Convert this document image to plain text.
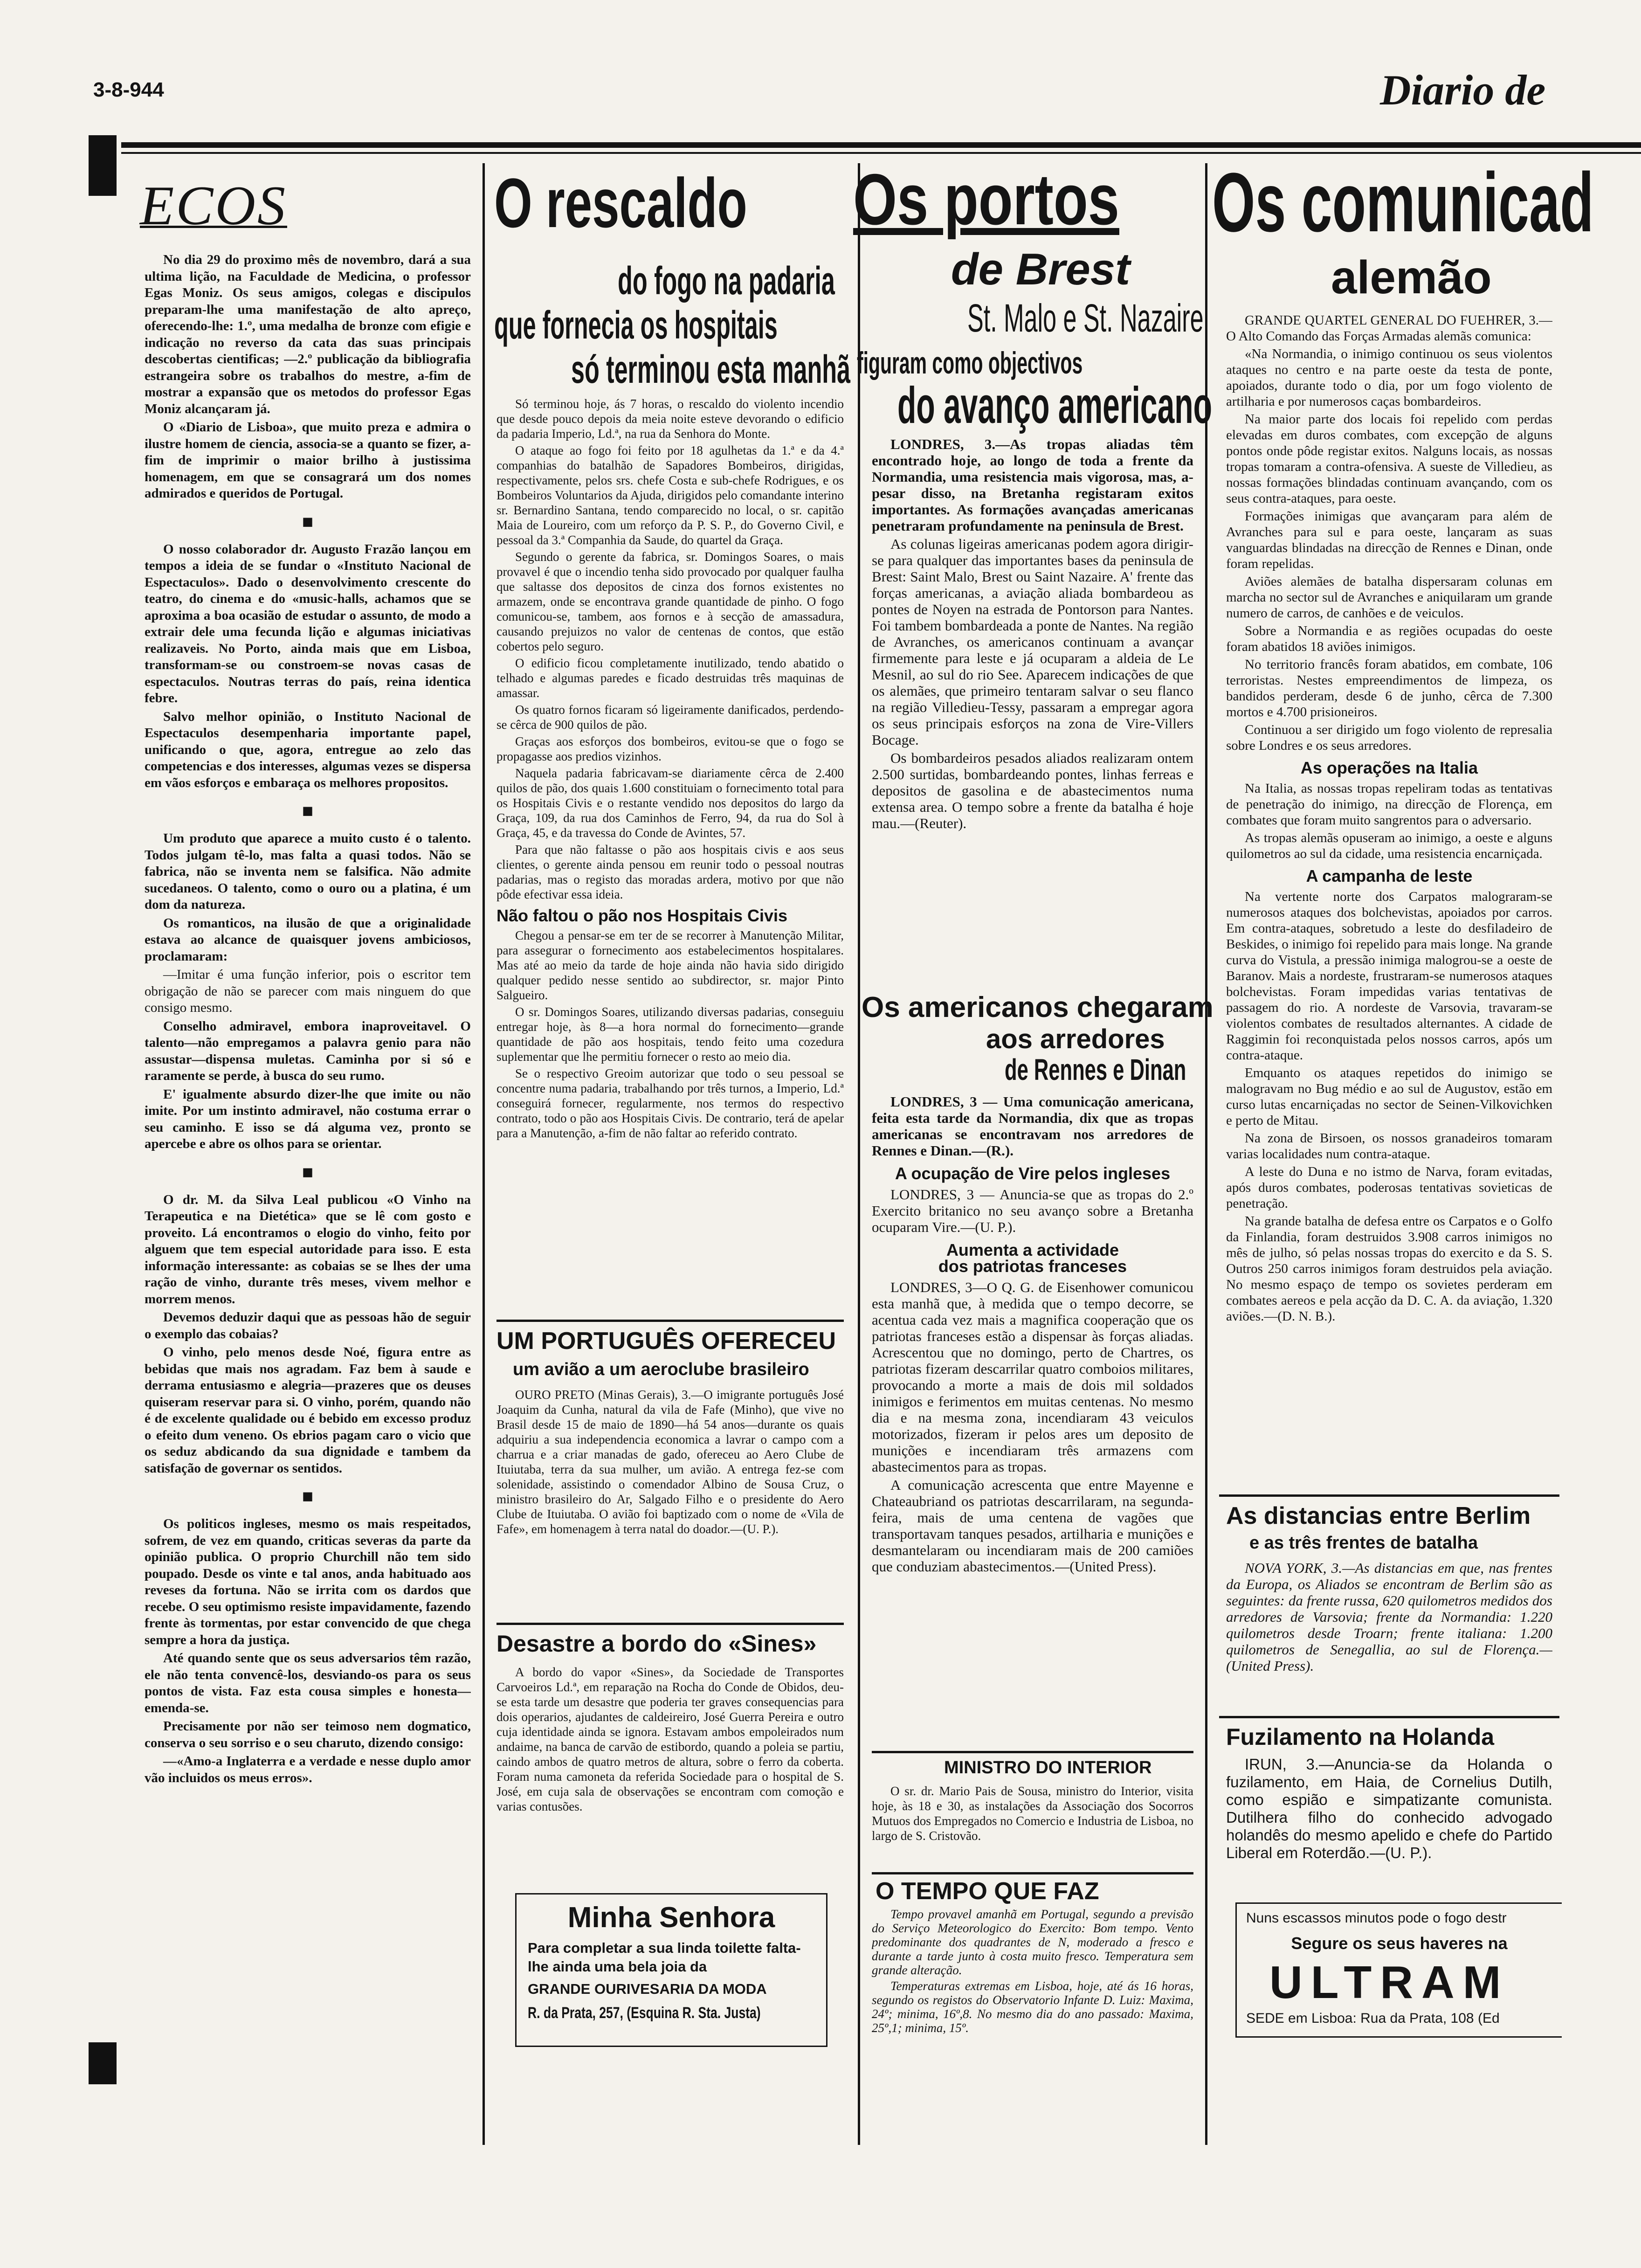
3-8-944	Diario de
ECOS

No dia 29 do proximo mês de novembro, dará a sua ultima lição, na Faculdade de Medicina, o professor Egas Moniz. Os seus amigos, colegas e discipulos preparam-lhe uma manifestação de alto apreço, oferecendo-lhe: 1.º, uma medalha de bronze com efigie e indicação no reverso da cata das suas principais descobertas cientificas; —2.º publicação da bibliografia estrangeira sobre os trabalhos do mestre, a-fim de mostrar a expansão que os metodos do professor Egas Moniz alcançaram já.

O «Diario de Lisboa», que muito preza e admira o ilustre homem de ciencia, associa-se a quanto se fizer, a-fim de imprimir o maior brilho à justissima homenagem, em que se consagrará um dos nomes admirados e queridos de Portugal.

■

O nosso colaborador dr. Augusto Frazão lançou em tempos a ideia de se fundar o «Instituto Nacional de Espectaculos». Dado o desenvolvimento crescente do teatro, do cinema e do «music-halls, achamos que se aproxima a boa ocasião de estudar o assunto, de modo a extrair dele uma fecunda lição e algumas iniciativas realizaveis. No Porto, ainda mais que em Lisboa, transformam-se ou constroem-se novas casas de espectaculos. Noutras terras do país, reina identica febre.

Salvo melhor opinião, o Instituto Nacional de Espectaculos desempenharia importante papel, unificando o que, agora, entregue ao zelo das competencias e dos interesses, algumas vezes se dispersa em vãos esforços e embaraça os melhores propositos.

■

Um produto que aparece a muito custo é o talento. Todos julgam tê-lo, mas falta a quasi todos. Não se fabrica, não se inventa nem se falsifica. Não admite sucedaneos. O talento, como o ouro ou a platina, é um dom da natureza.

Os romanticos, na ilusão de que a originalidade estava ao alcance de quaisquer jovens ambiciosos, proclamaram:

—Imitar é uma função inferior, pois o escritor tem obrigação de não se parecer com mais ninguem do que consigo mesmo.

Conselho admiravel, embora inaproveitavel. O talento—não empregamos a palavra genio para não assustar—dispensa muletas. Caminha por si só e raramente se perde, à busca do seu rumo.

E' igualmente absurdo dizer-lhe que imite ou não imite. Por um instinto admiravel, não costuma errar o seu caminho. E isso se dá alguma vez, pronto se apercebe e abre os olhos para se orientar.

■

O dr. M. da Silva Leal publicou «O Vinho na Terapeutica e na Dietética» que se lê com gosto e proveito. Lá encontramos o elogio do vinho, feito por alguem que tem especial autoridade para isso. E esta informação interessante: as cobaias se se lhes der uma ração de vinho, durante três meses, vivem melhor e morrem menos.

Devemos deduzir daqui que as pessoas hão de seguir o exemplo das cobaias?

O vinho, pelo menos desde Noé, figura entre as bebidas que mais nos agradam. Faz bem à saude e derrama entusiasmo e alegria—prazeres que os deuses quiseram reservar para si. O vinho, porém, quando não é de excelente qualidade ou é bebido em excesso produz o efeito dum veneno. Os ebrios pagam caro o vicio que os seduz abdicando da sua dignidade e tambem da satisfação de governar os sentidos.

■

Os politicos ingleses, mesmo os mais respeitados, sofrem, de vez em quando, criticas severas da parte da opinião publica. O proprio Churchill não tem sido poupado. Desde os vinte e tal anos, anda habituado aos reveses da fortuna. Não se irrita com os dardos que recebe. O seu optimismo resiste impavidamente, fazendo frente às tormentas, por estar convencido de que chega sempre a hora da justiça.

Até quando sente que os seus adversarios têm razão, ele não tenta convencê-los, desviando-os para os seus pontos de vista. Faz esta cousa simples e honesta—emenda-se.

Precisamente por não ser teimoso nem dogmatico, conserva o seu sorriso e o seu charuto, dizendo consigo:

—«Amo-a Inglaterra e a verdade e nesse duplo amor vão incluidos os meus erros».

O rescaldo
do fogo na padaria
que fornecia os hospitais
só terminou esta manhã

Só terminou hoje, ás 7 horas, o rescaldo do violento incendio que desde pouco depois da meia noite esteve devorando o edificio da padaria Imperio, Ld.ª, na rua da Senhora do Monte.

O ataque ao fogo foi feito por 18 agulhetas da 1.ª e da 4.ª companhias do batalhão de Sapadores Bombeiros, dirigidas, respectivamente, pelos srs. chefe Costa e sub-chefe Rodrigues, e os Bombeiros Voluntarios da Ajuda, dirigidos pelo comandante interino sr. Bernardino Santana, tendo comparecido no local, o sr. capitão Maia de Loureiro, com um reforço da P. S. P., do Governo Civil, e pessoal da 3.ª Companhia da Saude, do quartel da Graça.

Segundo o gerente da fabrica, sr. Domingos Soares, o mais provavel é que o incendio tenha sido provocado por qualquer faulha que saltasse dos depositos de cinza dos fornos existentes no armazem, onde se encontrava grande quantidade de pinho. O fogo comunicou-se, tambem, aos fornos e à secção de amassadura, causando prejuizos no valor de centenas de contos, que estão cobertos pelo seguro.

O edificio ficou completamente inutilizado, tendo abatido o telhado e algumas paredes e ficado destruidas três maquinas de amassar.

Os quatro fornos ficaram só ligeiramente danificados, perdendo-se cêrca de 900 quilos de pão.

Graças aos esforços dos bombeiros, evitou-se que o fogo se propagasse aos predios vizinhos.

Naquela padaria fabricavam-se diariamente cêrca de 2.400 quilos de pão, dos quais 1.600 constituiam o fornecimento total para os Hospitais Civis e o restante vendido nos depositos do largo da Graça, 109, da rua dos Caminhos de Ferro, 94, da rua do Sol à Graça, 45, e da travessa do Conde de Avintes, 57.

Para que não faltasse o pão aos hospitais civis e aos seus clientes, o gerente ainda pensou em reunir todo o pessoal noutras padarias, mas o registo das moradas ardera, motivo por que não pôde efectivar essa ideia.

Não faltou o pão nos Hospitais Civis

Chegou a pensar-se em ter de se recorrer à Manutenção Militar, para assegurar o fornecimento aos estabelecimentos hospitalares. Mas até ao meio da tarde de hoje ainda não havia sido dirigido qualquer pedido nesse sentido ao subdirector, sr. major Pinto Salgueiro.

O sr. Domingos Soares, utilizando diversas padarias, conseguiu entregar hoje, às 8—a hora normal do fornecimento—grande quantidade de pão aos hospitais, tendo feito uma cozedura suplementar que lhe permitiu fornecer o resto ao meio dia.

Se o respectivo Greoim autorizar que todo o seu pessoal se concentre numa padaria, trabalhando por três turnos, a Imperio, Ld.ª conseguirá fornecer, regularmente, nos termos do respectivo contrato, todo o pão aos Hospitais Civis. De contrario, terá de apelar para a Manutenção, a-fim de não faltar ao referido contrato.

UM PORTUGUÊS OFERECEU
um avião a um aeroclube brasileiro

OURO PRETO (Minas Gerais), 3.—O imigrante português José Joaquim da Cunha, natural da vila de Fafe (Minho), que vive no Brasil desde 15 de maio de 1890—há 54 anos—durante os quais adquiriu a sua independencia economica a lavrar o campo com a charrua e a criar manadas de gado, ofereceu ao Aero Clube de Ituiutaba, terra da sua mulher, um avião. A entrega fez-se com solenidade, assistindo o comendador Albino de Sousa Cruz, o ministro brasileiro do Ar, Salgado Filho e o presidente do Aero Clube de Ituiutaba. O avião foi baptizado com o nome de «Vila de Fafe», em homenagem à terra natal do doador.—(U. P.).

Desastre a bordo do «Sines»

A bordo do vapor «Sines», da Sociedade de Transportes Carvoeiros Ld.ª, em reparação na Rocha do Conde de Obidos, deu-se esta tarde um desastre que poderia ter graves consequencias para dois operarios, ajudantes de caldeireiro, José Guerra Pereira e outro cuja identidade ainda se ignora. Estavam ambos empoleirados num andaime, na banca de carvão de estibordo, quando a poleia se partiu, caindo ambos de quatro metros de altura, sobre o ferro da coberta. Foram numa camoneta da referida Sociedade para o hospital de S. José, em cuja sala de observações se encontram com comoção e varias contusões.

Minha Senhora
Para completar a sua linda toilette falta-lhe ainda uma bela joia da
GRANDE OURIVESARIA DA MODA
R. da Prata, 257, (Esquina R. Sta. Justa)
Os portos
de Brest
St. Malo e St. Nazaire
figuram como objectivos
do avanço americano

LONDRES, 3.—As tropas aliadas têm encontrado hoje, ao longo de toda a frente da Normandia, uma resistencia mais vigorosa, mas, a-pesar disso, na Bretanha registaram exitos importantes. As formações avançadas americanas penetraram profundamente na peninsula de Brest.

As colunas ligeiras americanas podem agora dirigir-se para qualquer das importantes bases da peninsula de Brest: Saint Malo, Brest ou Saint Nazaire. A' frente das forças americanas, a aviação aliada bombardeou as pontes de Noyen na estrada de Pontorson para Nantes. Foi tambem bombardeada a ponte de Nantes. Na região de Avranches, os americanos continuam a avançar firmemente para leste e já ocuparam a aldeia de Le Mesnil, ao sul do rio See. Aparecem indicações de que os alemães, que primeiro tentaram salvar o seu flanco na região Villedieu-Tessy, passaram a empregar agora os seus principais esforços na zona de Vire-Villers Bocage.

Os bombardeiros pesados aliados realizaram ontem 2.500 surtidas, bombardeando pontes, linhas ferreas e depositos de gasolina e de abastecimentos numa extensa area. O tempo sobre a frente da batalha é hoje mau.—(Reuter).

Os americanos chegaram
aos arredores
de Rennes e Dinan

LONDRES, 3 — Uma comunicação americana, feita esta tarde da Normandia, dix que as tropas americanas se encontravam nos arredores de Rennes e Dinan.—(R.).

A ocupação de Vire pelos ingleses

LONDRES, 3 — Anuncia-se que as tropas do 2.º Exercito britanico no seu avanço sobre a Bretanha ocuparam Vire.—(U. P.).

Aumenta a actividade
dos patriotas franceses

LONDRES, 3—O Q. G. de Eisenhower comunicou esta manhã que, à medida que o tempo decorre, se acentua cada vez mais a magnifica cooperação que os patriotas franceses estão a dispensar às forças aliadas. Acrescentou que no domingo, perto de Chartres, os patriotas fizeram descarrilar quatro comboios militares, provocando a morte a mais de dois mil soldados inimigos e ferimentos em muitas centenas. No mesmo dia e na mesma zona, incendiaram 43 veiculos motorizados, fizeram ir pelos ares um deposito de munições e incendiaram três armazens com abastecimentos para as tropas.

A comunicação acrescenta que entre Mayenne e Chateaubriand os patriotas descarrilaram, na segunda-feira, mais de uma centena de vagões que transportavam tanques pesados, artilharia e munições e desmantelaram ou incendiaram mais de 200 camiões que conduziam abastecimentos.—(United Press).

MINISTRO DO INTERIOR

O sr. dr. Mario Pais de Sousa, ministro do Interior, visita hoje, às 18 e 30, as instalações da Associação dos Socorros Mutuos dos Empregados no Comercio e Industria de Lisboa, no largo de S. Cristovão.

O TEMPO QUE FAZ

Tempo provavel amanhã em Portugal, segundo a previsão do Serviço Meteorologico do Exercito: Bom tempo. Vento predominante dos quadrantes de N, moderado a fresco e durante a tarde junto à costa muito fresco. Temperatura sem grande alteração.

Temperaturas extremas em Lisboa, hoje, até ás 16 horas, segundo os registos do Observatorio Infante D. Luiz: Maxima, 24º; minima, 16º,8. No mesmo dia do ano passado: Maxima, 25º,1; minima, 15º.

Os comunicad
alemão

GRANDE QUARTEL GENERAL DO FUEHRER, 3.—O Alto Comando das Forças Armadas alemãs comunica:

«Na Normandia, o inimigo continuou os seus violentos ataques no centro e na parte oeste da testa de ponte, apoiados, durante todo o dia, por um fogo violento de artilharia e por numerosos caças bombardeiros.

Na maior parte dos locais foi repelido com perdas elevadas em duros combates, com excepção de alguns pontos onde pôde registar exitos. Nalguns locais, as nossas tropas tomaram a contra-ofensiva. A sueste de Villedieu, as nossas formações blindadas continuam avançando, com os seus contra-ataques, para oeste.

Formações inimigas que avançaram para além de Avranches para sul e para oeste, lançaram as suas vanguardas blindadas na direcção de Rennes e Dinan, onde foram repelidas.

Aviões alemães de batalha dispersaram colunas em marcha no sector sul de Avranches e aniquilaram um grande numero de carros, de canhões e de veiculos.

Sobre a Normandia e as regiões ocupadas do oeste foram abatidos 18 aviões inimigos.

No territorio francês foram abatidos, em combate, 106 terroristas. Nestes empreendimentos de limpeza, os bandidos perderam, desde 6 de junho, cêrca de 7.300 mortos e 4.700 prisioneiros.

Continuou a ser dirigido um fogo violento de represalia sobre Londres e os seus arredores.

As operações na Italia

Na Italia, as nossas tropas repeliram todas as tentativas de penetração do inimigo, na direcção de Florença, em combates que foram muito sangrentos para o adversario.

As tropas alemãs opuseram ao inimigo, a oeste e alguns quilometros ao sul da cidade, uma resistencia encarniçada.

A campanha de leste

Na vertente norte dos Carpatos malograram-se numerosos ataques dos bolchevistas, apoiados por carros. Em contra-ataques, sobretudo a leste do desfiladeiro de Beskides, o inimigo foi repelido para mais longe. Na grande curva do Vistula, a pressão inimiga malogrou-se a oeste de Baranov. Mais a nordeste, frustraram-se numerosos ataques bolchevistas. Foram impedidas varias tentativas de passagem do rio. A nordeste de Varsovia, travaram-se violentos combates de resultados alternantes. A cidade de Raggimin foi reconquistada pelos nossos carros, após um contra-ataque.

Emquanto os ataques repetidos do inimigo se malogravam no Bug médio e ao sul de Augustov, estão em curso lutas encarniçadas no sector de Seinen-Vilkovichken e perto de Mitau.

Na zona de Birsoen, os nossos granadeiros tomaram varias localidades num contra-ataque.

A leste do Duna e no istmo de Narva, foram evitadas, após duros combates, poderosas tentativas sovieticas de penetração.

Na grande batalha de defesa entre os Carpatos e o Golfo da Finlandia, foram destruidos 3.908 carros inimigos no mês de julho, só pelas nossas tropas do exercito e da S. S. Outros 250 carros inimigos foram destruidos pela aviação. No mesmo espaço de tempo os sovietes perderam em combates aereos e pela acção da D. C. A. da aviação, 1.320 aviões.—(D. N. B.).

As distancias entre Berlim
e as três frentes de batalha

NOVA YORK, 3.—As distancias em que, nas frentes da Europa, os Aliados se encontram de Berlim são as seguintes: da frente russa, 620 quilometros medidos dos arredores de Varsovia; frente da Normandia: 1.220 quilometros desde Troarn; frente italiana: 1.200 quilometros de Senegallia, ao sul de Florença.—(United Press).

Fuzilamento na Holanda

IRUN, 3.—Anuncia-se da Holanda o fuzilamento, em Haia, de Cornelius Dutilh, como espião e simpatizante comunista. Dutilhera filho do conhecido advogado holandês do mesmo apelido e chefe do Partido Liberal em Roterdão.—(U. P.).

Nuns escassos minutos pode o fogo destr
Segure os seus haveres na
ULTRAM
SEDE em Lisboa: Rua da Prata, 108 (Ed
